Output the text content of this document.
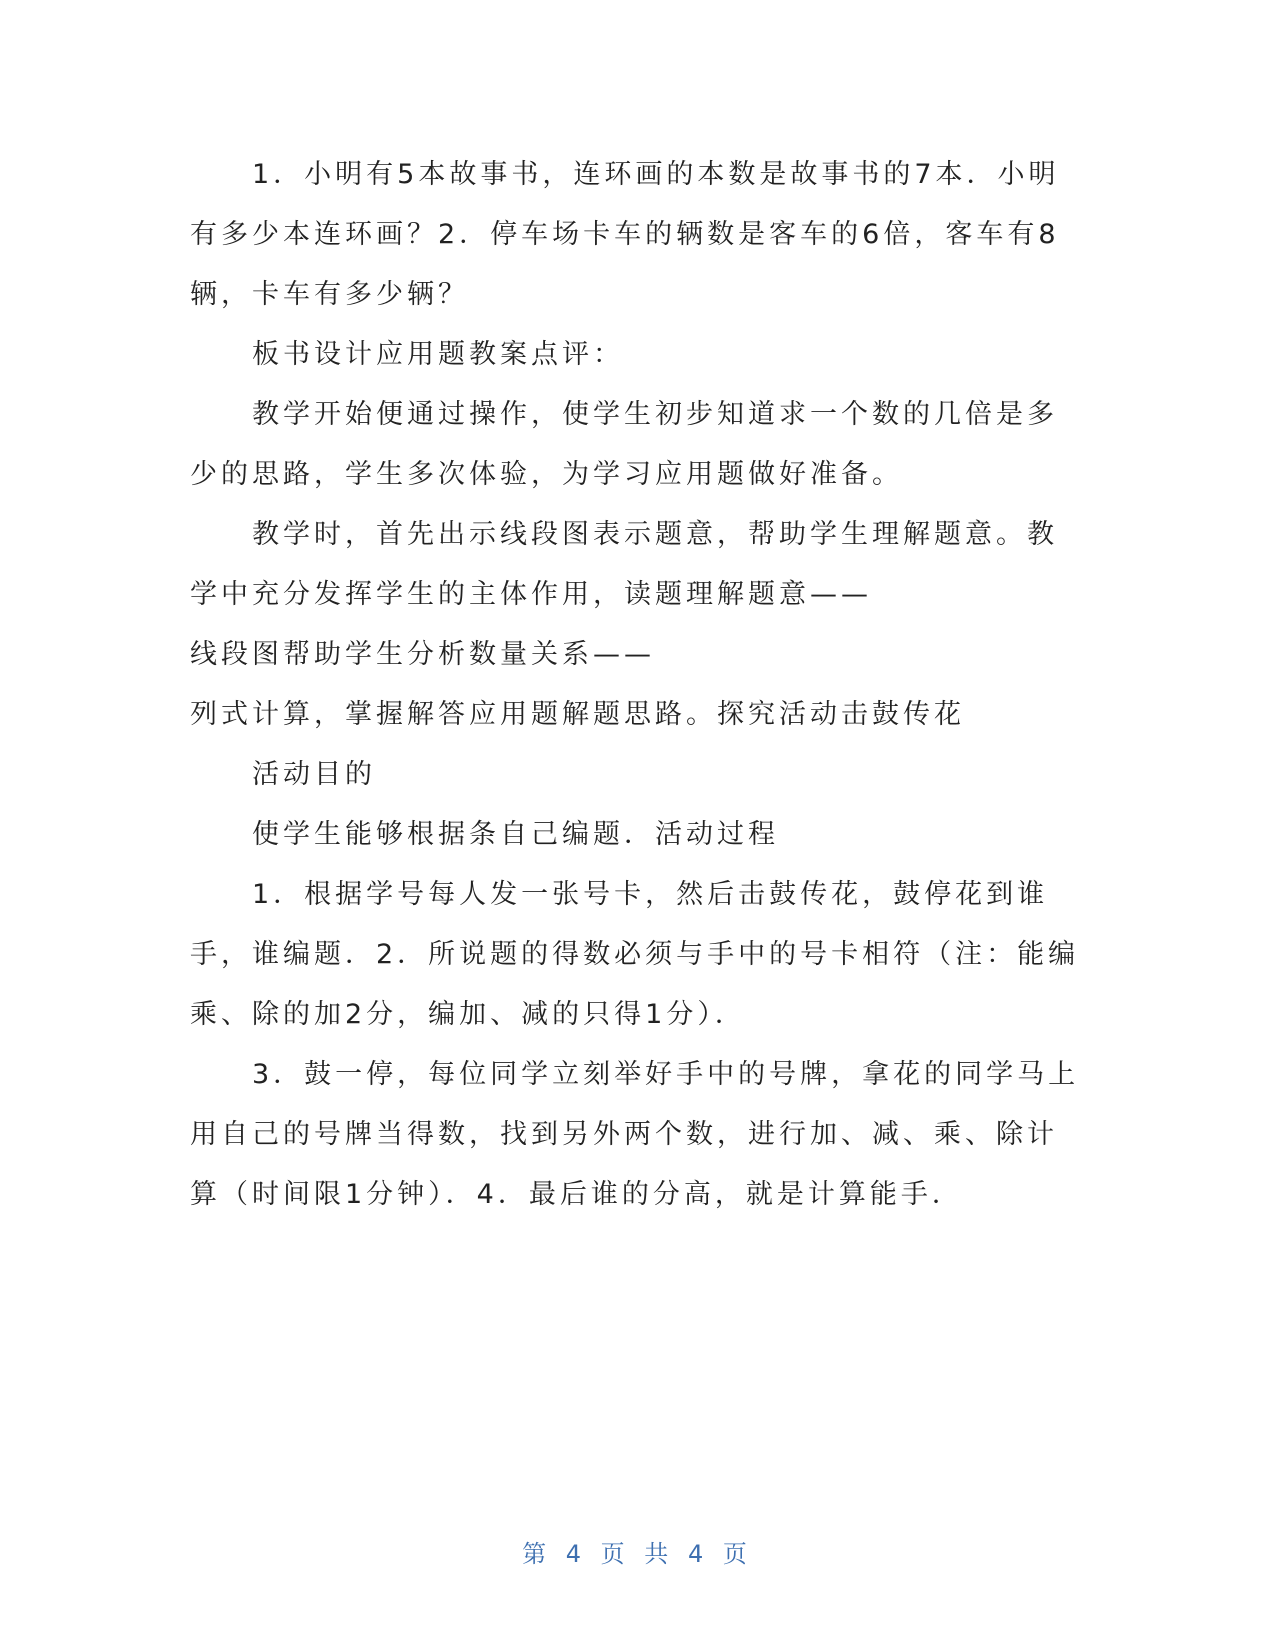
1．小明有5本故事书，连环画的本数是故事书的7本．小明有多少本连环画？2．停车场卡车的辆数是客车的6倍，客车有8辆，卡车有多少辆？

板书设计应用题教案点评：

教学开始便通过操作，使学生初步知道求一个数的几倍是多少的思路，学生多次体验，为学习应用题做好准备。

教学时，首先出示线段图表示题意，帮助学生理解题意。教学中充分发挥学生的主体作用，读题理解题意——
线段图帮助学生分析数量关系——
列式计算，掌握解答应用题解题思路。探究活动击鼓传花

活动目的

使学生能够根据条自己编题．活动过程

1．根据学号每人发一张号卡，然后击鼓传花，鼓停花到谁手，谁编题．2．所说题的得数必须与手中的号卡相符（注：能编乘、除的加2分，编加、减的只得1分）．

3．鼓一停，每位同学立刻举好手中的号牌，拿花的同学马上用自己的号牌当得数，找到另外两个数，进行加、减、乘、除计算（时间限1分钟）．4．最后谁的分高，就是计算能手．

第 4 页 共 4 页
